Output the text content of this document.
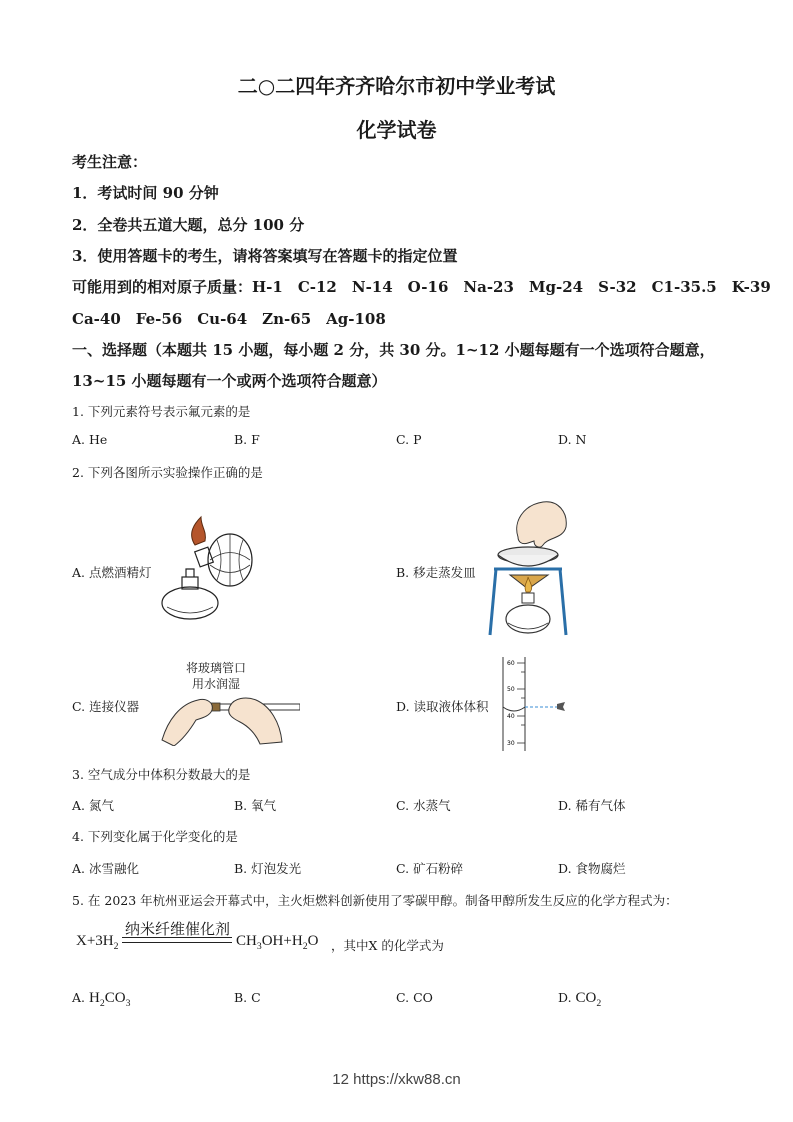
二○二四年齐齐哈尔市初中学业考试
化学试卷
考生注意：
1．考试时间 90 分钟
2．全卷共五道大题，总分 100 分
3．使用答题卡的考生，请将答案填写在答题卡的指定位置
可能用到的相对原子质量：H-1　C-12　N-14　O-16　Na-23　Mg-24　S-32　C1-35.5　K-39
Ca-40　Fe-56　Cu-64　Zn-65　Ag-108
一、选择题（本题共 15 小题，每小题 2 分，共 30 分。1~12 小题每题有一个选项符合题意，
13~15 小题每题有一个或两个选项符合题意）
1. 下列元素符号表示氟元素的是
A. He	B. F	C. P	D. N
2. 下列各图所示实验操作正确的是
A. 点燃酒精灯	B. 移走蒸发皿
C. 连接仪器
将玻璃管口
用水润湿
D. 读取液体体积
60
50
40
30
3. 空气成分中体积分数最大的是
A. 氮气	B. 氧气	C. 水蒸气	D. 稀有气体
4. 下列变化属于化学变化的是
A. 冰雪融化	B. 灯泡发光	C. 矿石粉碎	D. 食物腐烂
5. 在 2023 年杭州亚运会开幕式中，主火炬燃料创新使用了零碳甲醇。制备甲醇所发生反应的化学方程式为：
纳米纤维催化剂
$X+3H_2$	$CH_3OH+H_2O$ ，其中X 的化学式为
A. $H_2CO_3$	B. C	C. CO	D. $CO_2$
12 https://xkw88.cn
